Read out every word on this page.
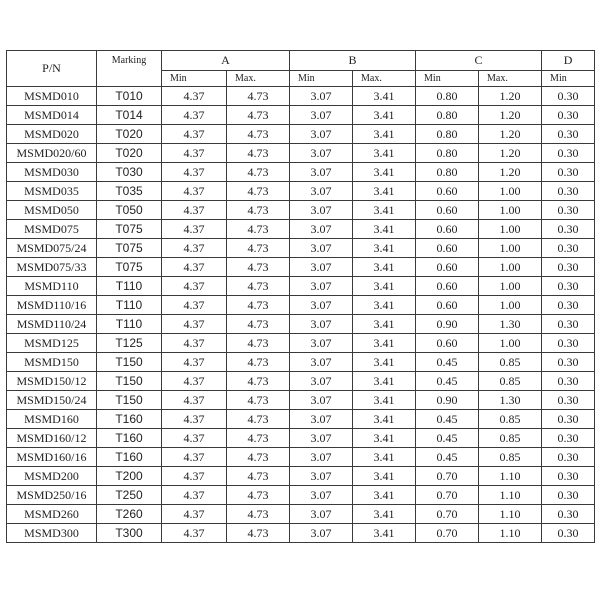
P/N	Marking	A		B		C		D
		Min	Max.	Min	Max.	Min	Max.	Min
MSMD010	T010	4.37	4.73	3.07	3.41	0.80	1.20	0.30
MSMD014	T014	4.37	4.73	3.07	3.41	0.80	1.20	0.30
MSMD020	T020	4.37	4.73	3.07	3.41	0.80	1.20	0.30
MSMD020/60	T020	4.37	4.73	3.07	3.41	0.80	1.20	0.30
MSMD030	T030	4.37	4.73	3.07	3.41	0.80	1.20	0.30
MSMD035	T035	4.37	4.73	3.07	3.41	0.60	1.00	0.30
MSMD050	T050	4.37	4.73	3.07	3.41	0.60	1.00	0.30
MSMD075	T075	4.37	4.73	3.07	3.41	0.60	1.00	0.30
MSMD075/24	T075	4.37	4.73	3.07	3.41	0.60	1.00	0.30
MSMD075/33	T075	4.37	4.73	3.07	3.41	0.60	1.00	0.30
MSMD110	T110	4.37	4.73	3.07	3.41	0.60	1.00	0.30
MSMD110/16	T110	4.37	4.73	3.07	3.41	0.60	1.00	0.30
MSMD110/24	T110	4.37	4.73	3.07	3.41	0.90	1.30	0.30
MSMD125	T125	4.37	4.73	3.07	3.41	0.60	1.00	0.30
MSMD150	T150	4.37	4.73	3.07	3.41	0.45	0.85	0.30
MSMD150/12	T150	4.37	4.73	3.07	3.41	0.45	0.85	0.30
MSMD150/24	T150	4.37	4.73	3.07	3.41	0.90	1.30	0.30
MSMD160	T160	4.37	4.73	3.07	3.41	0.45	0.85	0.30
MSMD160/12	T160	4.37	4.73	3.07	3.41	0.45	0.85	0.30
MSMD160/16	T160	4.37	4.73	3.07	3.41	0.45	0.85	0.30
MSMD200	T200	4.37	4.73	3.07	3.41	0.70	1.10	0.30
MSMD250/16	T250	4.37	4.73	3.07	3.41	0.70	1.10	0.30
MSMD260	T260	4.37	4.73	3.07	3.41	0.70	1.10	0.30
MSMD300	T300	4.37	4.73	3.07	3.41	0.70	1.10	0.30
